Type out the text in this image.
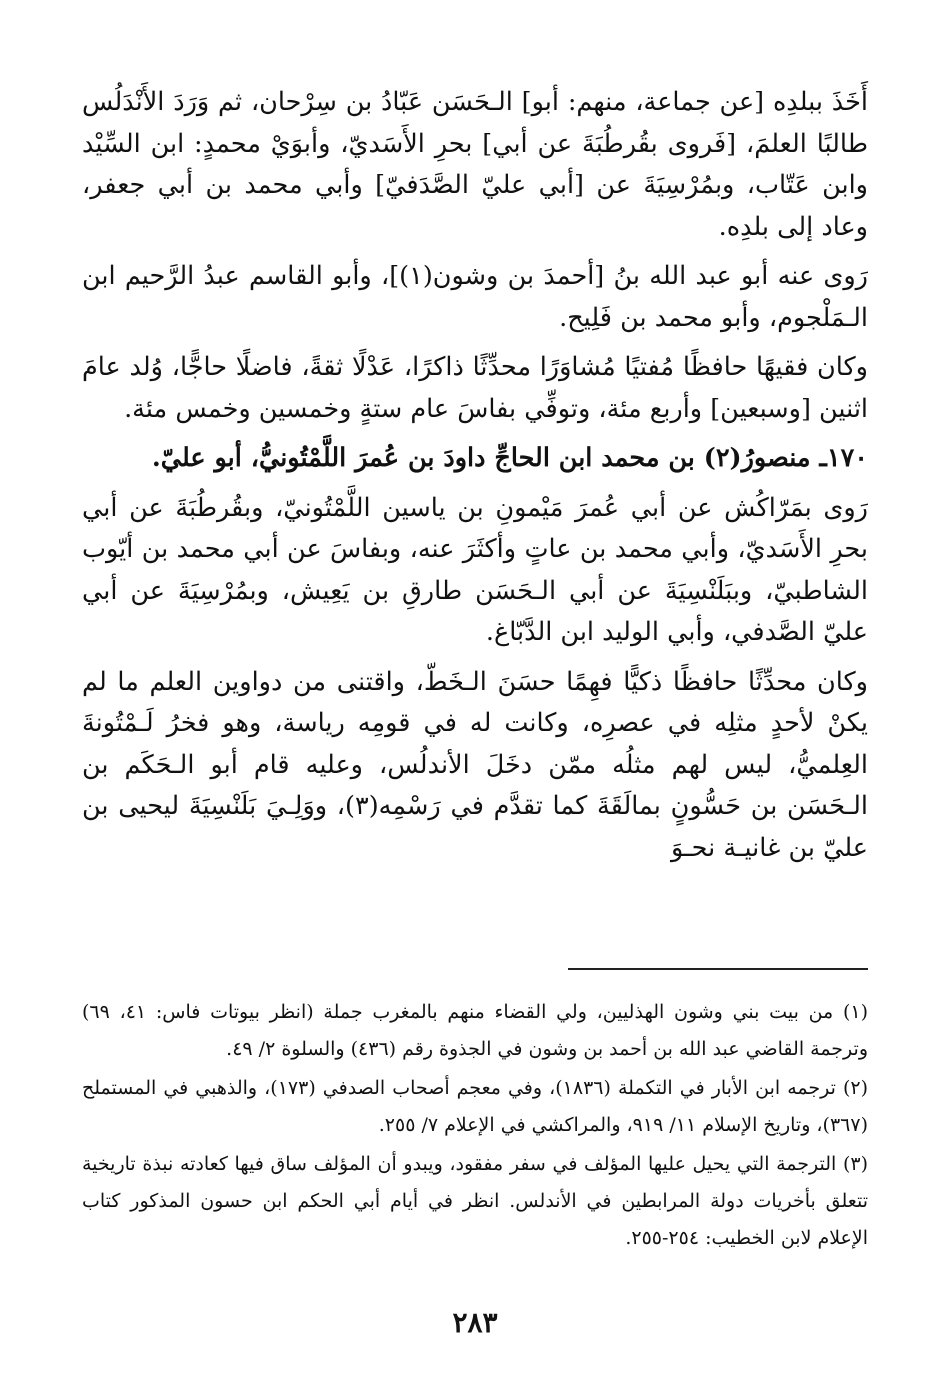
أَخَذَ ببلدِه [عن جماعة، منهم: أبو] الـحَسَن عَبّادُ بن سِرْحان، ثم وَرَدَ الأَنْدَلُس طالبًا العلمَ، [فَروى بقُرطُبَةَ عن أبي] بحرِ الأَسَديّ، وأبوَيْ محمدٍ: ابن السِّيْد وابن عَتّاب، وبمُرْسِيَةَ عن [أبي عليّ الصَّدَفيّ] وأبي محمد بن أبي جعفر، وعاد إلى بلدِه.

رَوى عنه أبو عبد الله بنُ [أحمدَ بن وشون(١)]، وأبو القاسم عبدُ الرَّحيم ابن الـمَلْجوم، وأبو محمد بن فَلِيح.

وكان فقيهًا حافظًا مُفتيًا مُشاوَرًا محدِّثًا ذاكرًا، عَدْلًا ثقةً، فاضلًا حاجًّا، وُلد عامَ اثنين [وسبعين] وأربع مئة، وتوفِّي بفاسَ عام ستةٍ وخمسين وخمس مئة.

١٧٠ـ منصورُ(٢) بن محمد ابن الحاجِّ داودَ بن عُمرَ اللَّمْتُونيُّ، أبو عليّ.

رَوى بمَرّاكُش عن أبي عُمرَ مَيْمونِ بن ياسين اللَّمْتُونيّ، وبقُرطُبَةَ عن أبي بحرِ الأَسَديّ، وأبي محمد بن عاتٍ وأكثَرَ عنه، وبفاسَ عن أبي محمد بن أيّوب الشاطبيّ، وببَلَنْسِيَةَ عن أبي الـحَسَن طارقِ بن يَعِيش، وبمُرْسِيَةَ عن أبي عليّ الصَّدفي، وأبي الوليد ابن الدَّبّاغ.

وكان محدِّثًا حافظًا ذكيًّا فهِمًا حسَنَ الـخَطّ، واقتنى من دواوين العلم ما لم يكنْ لأحدٍ مثلِه في عصرِه، وكانت له في قومِه رياسة، وهو فخرُ لَـمْتُونةَ العِلميُّ، ليس لهم مثلُه ممّن دخَلَ الأندلُس، وعليه قام أبو الـحَكَم بن الـحَسَن بن حَسُّونٍ بمالَقَةَ كما تقدَّم في رَسْمِه(٣)، ووَلِـيَ بَلَنْسِيَةَ ليحيى بن عليّ بن غانيـة نحـوَ

(١) من بيت بني وشون الهذليين، ولي القضاء منهم بالمغرب جملة (انظر بيوتات فاس: ٤١، ٦٩) وترجمة القاضي عبد الله بن أحمد بن وشون في الجذوة رقم (٤٣٦) والسلوة ٢/ ٤٩.

(٢) ترجمه ابن الأبار في التكملة (١٨٣٦)، وفي معجم أصحاب الصدفي (١٧٣)، والذهبي في المستملح (٣٦٧)، وتاريخ الإسلام ١١/ ٩١٩، والمراكشي في الإعلام ٧/ ٢٥٥.

(٣) الترجمة التي يحيل عليها المؤلف في سفر مفقود، ويبدو أن المؤلف ساق فيها كعادته نبذة تاريخية تتعلق بأخريات دولة المرابطين في الأندلس. انظر في أيام أبي الحكم ابن حسون المذكور كتاب الإعلام لابن الخطيب: ٢٥٤-٢٥٥.

٢٨٣
